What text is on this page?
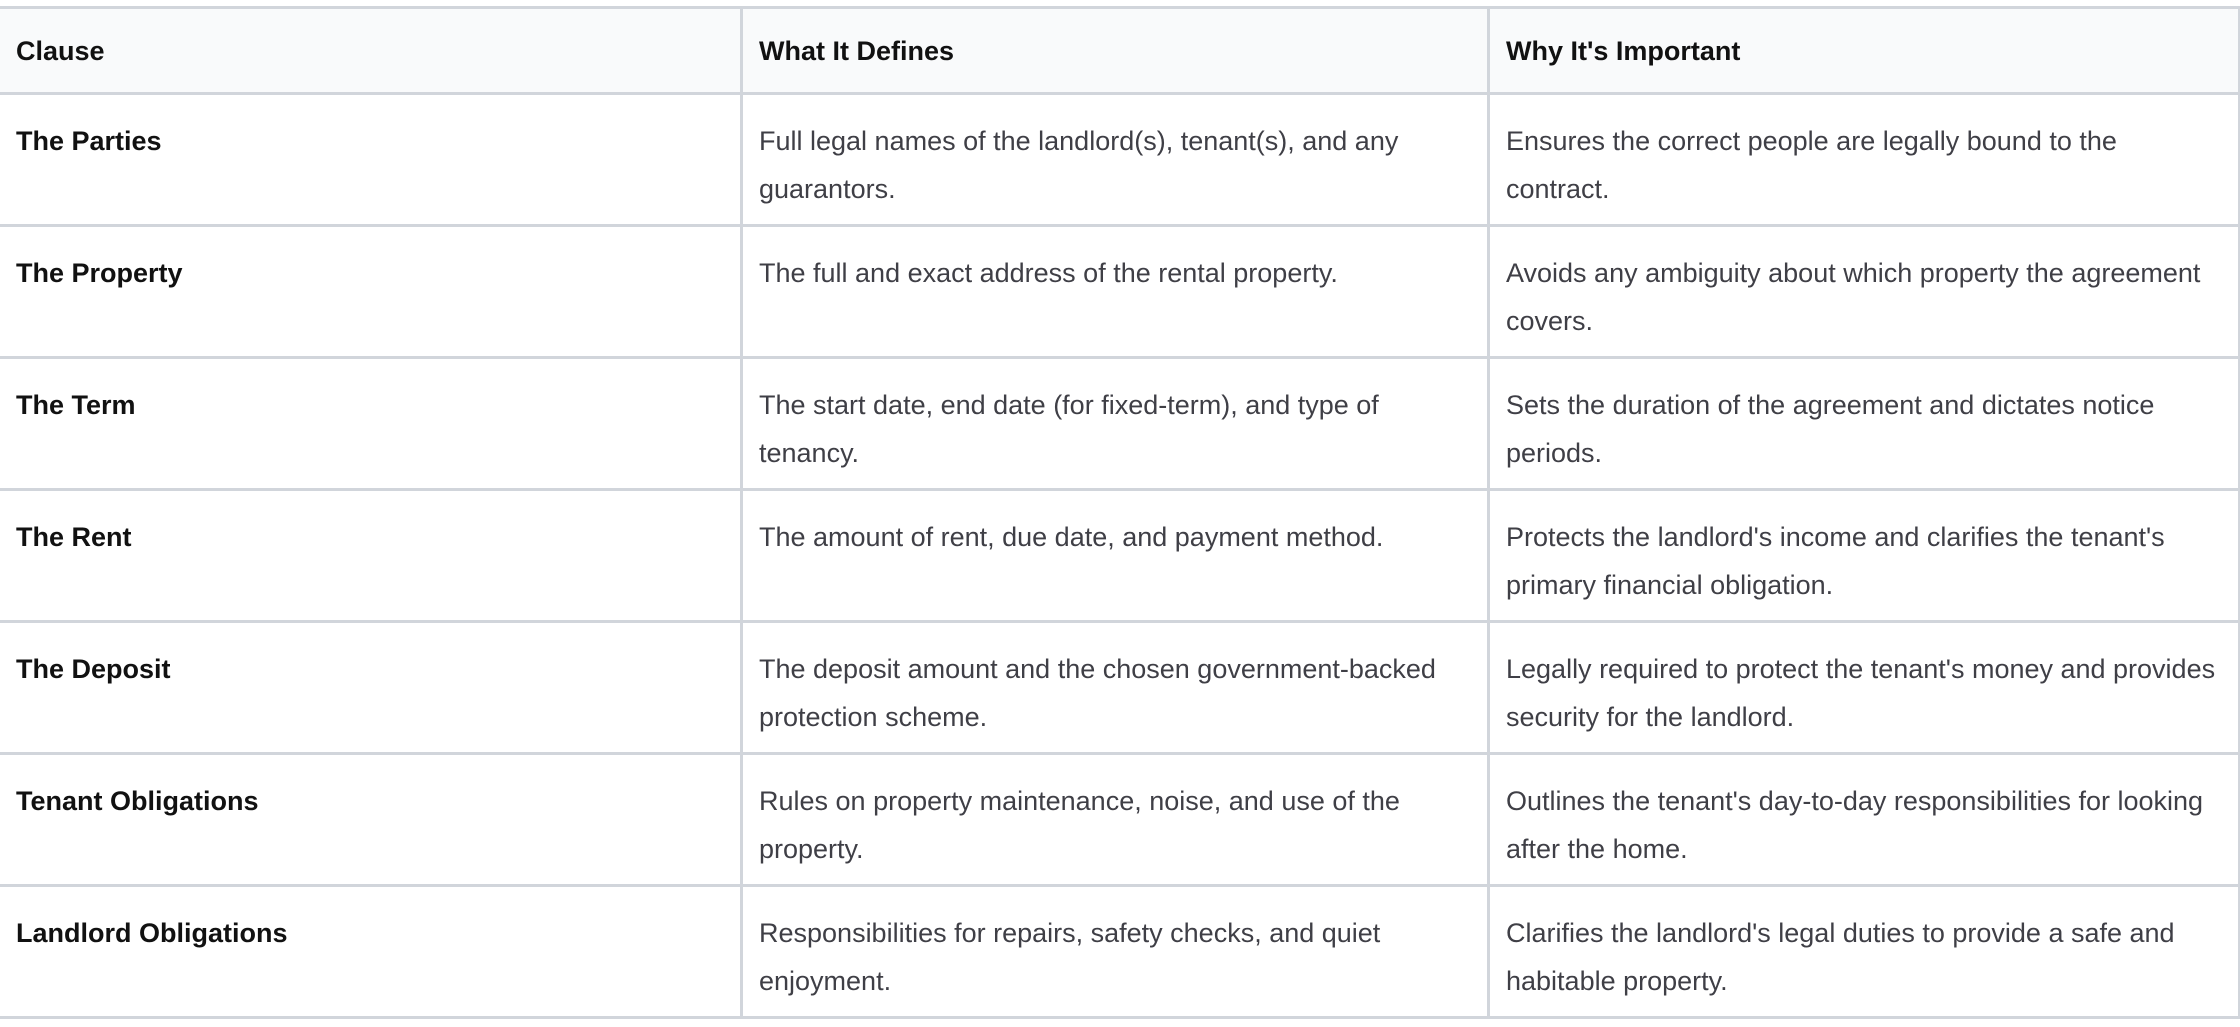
Clause	What It Defines	Why It's Important
The Parties	Full legal names of the landlord(s), tenant(s), and any guarantors.	Ensures the correct people are legally bound to the contract.
The Property	The full and exact address of the rental property.	Avoids any ambiguity about which property the agreement covers.
The Term	The start date, end date (for fixed-term), and type of tenancy.	Sets the duration of the agreement and dictates notice periods.
The Rent	The amount of rent, due date, and payment method.	Protects the landlord's income and clarifies the tenant's primary financial obligation.
The Deposit	The deposit amount and the chosen government-backed protection scheme.	Legally required to protect the tenant's money and provides security for the landlord.
Tenant Obligations	Rules on property maintenance, noise, and use of the property.	Outlines the tenant's day-to-day responsibilities for looking after the home.
Landlord Obligations	Responsibilities for repairs, safety checks, and quiet enjoyment.	Clarifies the landlord's legal duties to provide a safe and habitable property.
